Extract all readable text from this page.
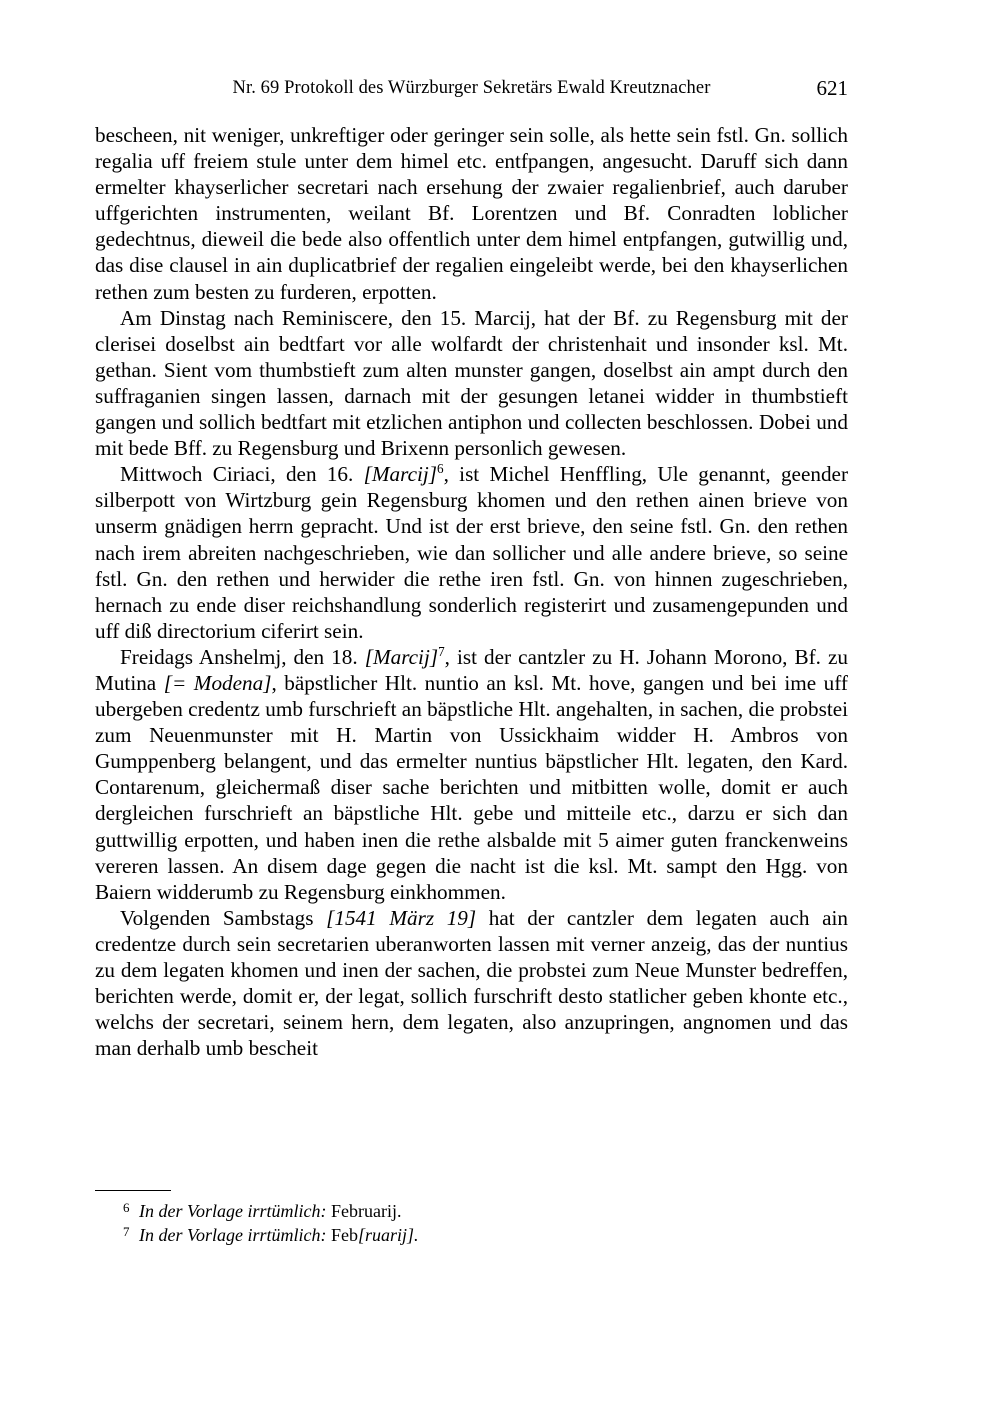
Nr. 69 Protokoll des Würzburger Sekretärs Ewald Kreutznacher	621

bescheen, nit weniger, unkreftiger oder geringer sein solle, als hette sein fstl. Gn. sollich regalia uff freiem stule unter dem himel etc. entfpangen, angesucht. Daruff sich dann ermelter khayserlicher secretari nach ersehung der zwaier regalienbrief, auch daruber uffgerichten instrumenten, weilant Bf. Lorentzen und Bf. Conradten loblicher gedechtnus, dieweil die bede also offentlich unter dem himel entpfangen, gutwillig und, das dise clausel in ain duplicatbrief der regalien eingeleibt werde, bei den khayserlichen rethen zum besten zu furderen, erpotten.

Am Dinstag nach Reminiscere, den 15. Marcij, hat der Bf. zu Regensburg mit der clerisei doselbst ain bedtfart vor alle wolfardt der christenhait und insonder ksl. Mt. gethan. Sient vom thumbstieft zum alten munster gangen, doselbst ain ampt durch den suffraganien singen lassen, darnach mit der gesungen letanei widder in thumbstieft gangen und sollich bedtfart mit etzlichen antiphon und collecten beschlossen. Dobei und mit bede Bff. zu Regensburg und Brixenn personlich gewesen.

Mittwoch Ciriaci, den 16. [Marcij]$^6$, ist Michel Henffling, Ule genannt, geender silberpott von Wirtzburg gein Regensburg khomen und den rethen ainen brieve von unserm gnädigen herrn gepracht. Und ist der erst brieve, den seine fstl. Gn. den rethen nach irem abreiten nachgeschrieben, wie dan sollicher und alle andere brieve, so seine fstl. Gn. den rethen und herwider die rethe iren fstl. Gn. von hinnen zugeschrieben, hernach zu ende diser reichshandlung sonderlich registerirt und zusamengepunden und uff diß directorium ciferirt sein.

Freidags Anshelmj, den 18. [Marcij]$^7$, ist der cantzler zu H. Johann Morono, Bf. zu Mutina [= Modena], bäpstlicher Hlt. nuntio an ksl. Mt. hove, gangen und bei ime uff ubergeben credentz umb furschrieft an bäpstliche Hlt. angehalten, in sachen, die probstei zum Neuenmunster mit H. Martin von Ussickhaim widder H. Ambros von Gumppenberg belangent, und das ermelter nuntius bäpstlicher Hlt. legaten, den Kard. Contarenum, gleichermaß diser sache berichten und mitbitten wolle, domit er auch dergleichen furschrieft an bäpstliche Hlt. gebe und mitteile etc., darzu er sich dan guttwillig erpotten, und haben inen die rethe alsbalde mit 5 aimer guten franckenweins vereren lassen. An disem dage gegen die nacht ist die ksl. Mt. sampt den Hgg. von Baiern widderumb zu Regensburg einkhommen.

Volgenden Sambstags [1541 März 19] hat der cantzler dem legaten auch ain credentze durch sein secretarien uberanworten lassen mit verner anzeig, das der nuntius zu dem legaten khomen und inen der sachen, die probstei zum Neue Munster bedreffen, berichten werde, domit er, der legat, sollich furschrift desto statlicher geben khonte etc., welchs der secretari, seinem hern, dem legaten, also anzupringen, angnomen und das man derhalb umb bescheit

6 In der Vorlage irrtümlich: Februarij.
7 In der Vorlage irrtümlich: Feb[ruarij].
